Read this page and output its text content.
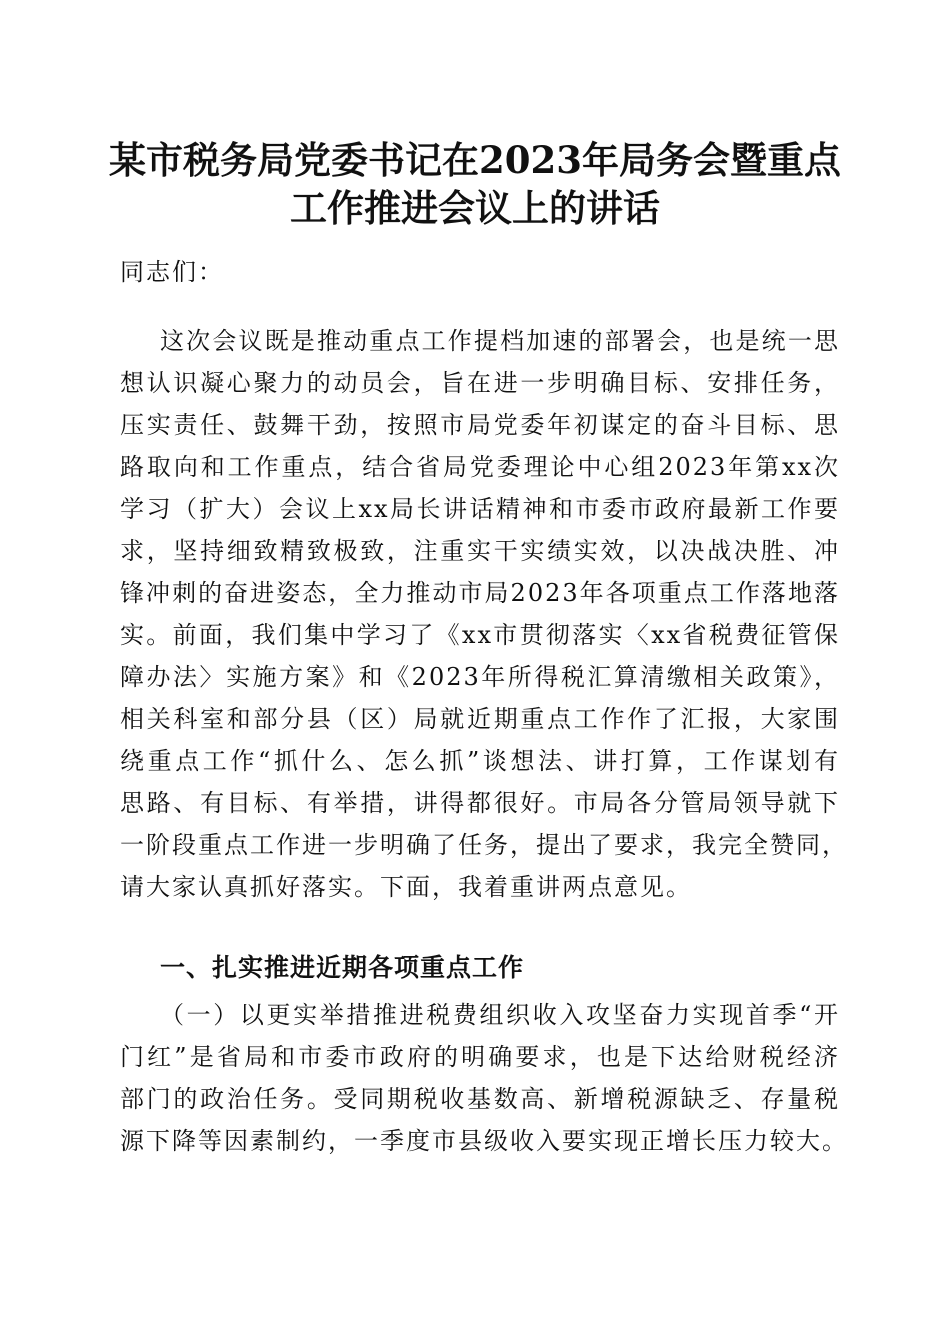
某市税务局党委书记在2023年局务会暨重点
工作推进会议上的讲话
同志们：
这次会议既是推动重点工作提档加速的部署会，也是统一思
想认识凝心聚力的动员会，旨在进一步明确目标、安排任务，
压实责任、鼓舞干劲，按照市局党委年初谋定的奋斗目标、思
路取向和工作重点，结合省局党委理论中心组2023年第xx次
学习（扩大）会议上xx局长讲话精神和市委市政府最新工作要
求，坚持细致精致极致，注重实干实绩实效，以决战决胜、冲
锋冲刺的奋进姿态，全力推动市局2023年各项重点工作落地落
实。前面，我们集中学习了《xx市贯彻落实〈xx省税费征管保
障办法〉实施方案》和《2023年所得税汇算清缴相关政策》，
相关科室和部分县（区）局就近期重点工作作了汇报，大家围
绕重点工作“抓什么、怎么抓”谈想法、讲打算，工作谋划有
思路、有目标、有举措，讲得都很好。市局各分管局领导就下
一阶段重点工作进一步明确了任务，提出了要求，我完全赞同，
请大家认真抓好落实。下面，我着重讲两点意见。
一、扎实推进近期各项重点工作
（一）以更实举措推进税费组织收入攻坚奋力实现首季“开
门红”是省局和市委市政府的明确要求，也是下达给财税经济
部门的政治任务。受同期税收基数高、新增税源缺乏、存量税
源下降等因素制约，一季度市县级收入要实现正增长压力较大。
